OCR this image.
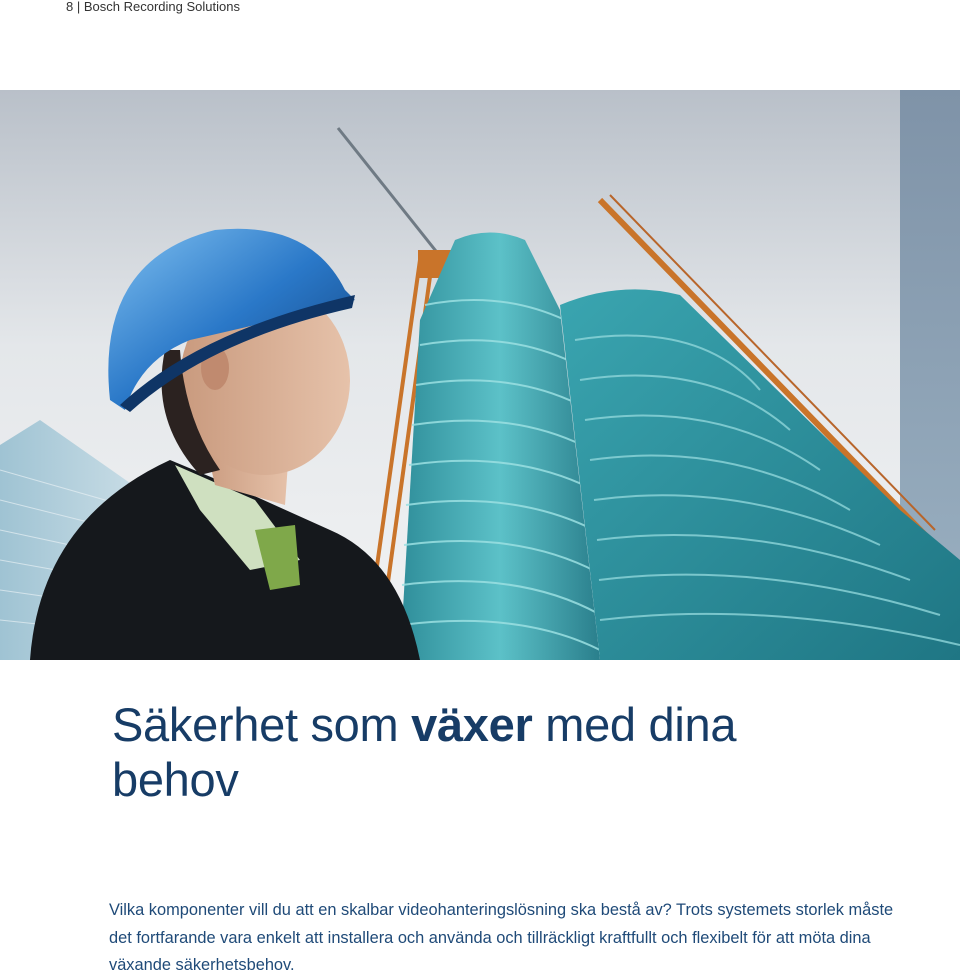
8 | Bosch Recording Solutions
Säkerhet som växer med dina behov

Vilka komponenter vill du att en skalbar videohanteringslösning ska bestå av? Trots systemets storlek måste det fortfarande vara enkelt att installera och använda och tillräckligt kraftfullt och flexibelt för att möta dina växande säkerhetsbehov.
